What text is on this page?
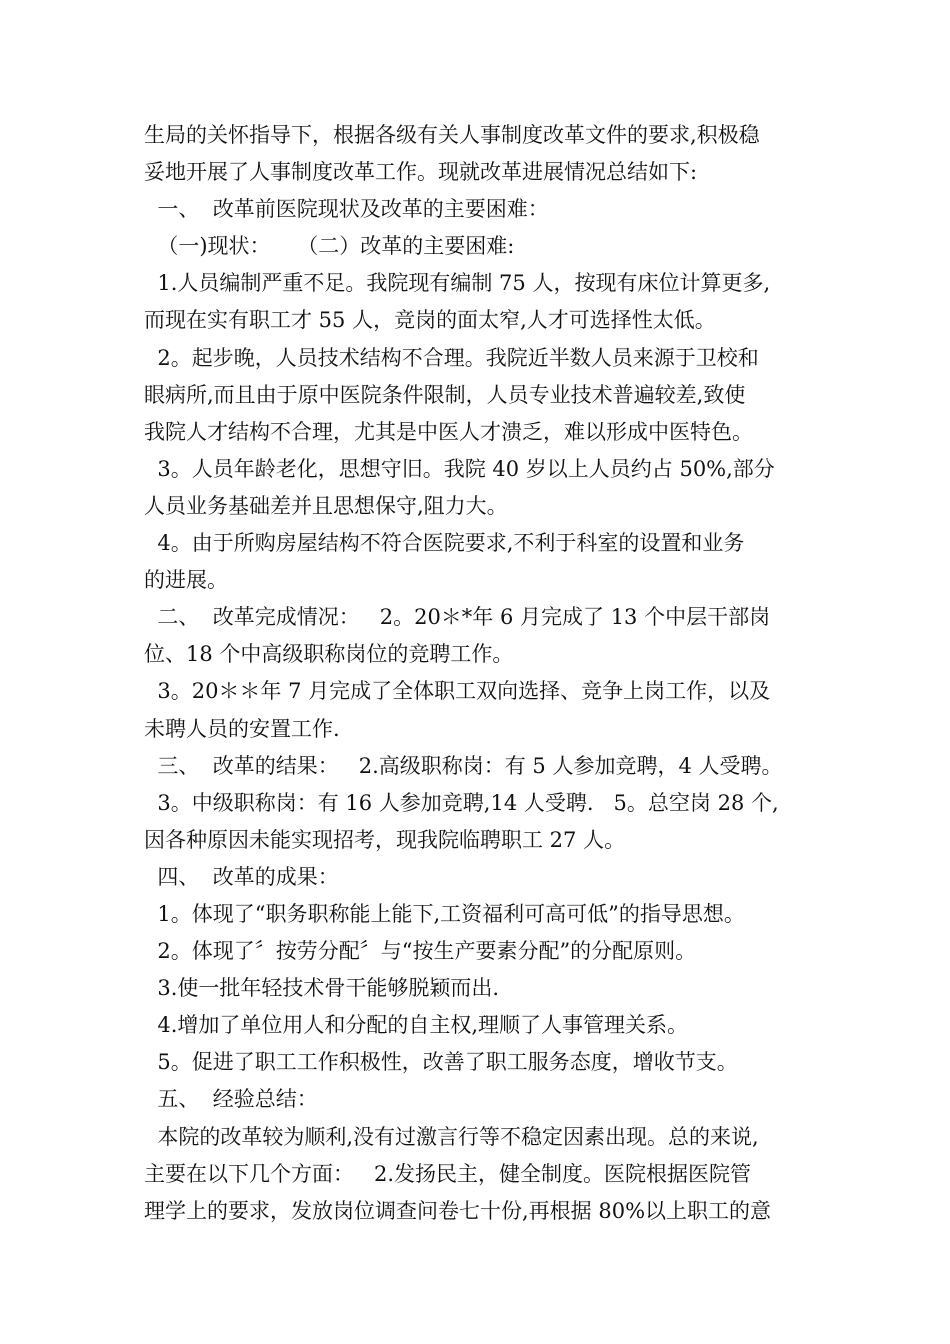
生局的关怀指导下，根据各级有关人事制度改革文件的要求,积极稳
妥地开展了人事制度改革工作。现就改革进展情况总结如下:
一、  改革前医院现状及改革的主要困难：
（一)现状：    （二）改革的主要困难:
1.人员编制严重不足。我院现有编制 75 人，按现有床位计算更多,
而现在实有职工才 55 人，竞岗的面太窄,人才可选择性太低。
2。起步晚，人员技术结构不合理。我院近半数人员来源于卫校和
眼病所,而且由于原中医院条件限制，人员专业技术普遍较差,致使
我院人才结构不合理，尤其是中医人才溃乏，难以形成中医特色。
3。人员年龄老化，思想守旧。我院 40 岁以上人员约占 50%,部分
人员业务基础差并且思想保守,阻力大。
4。由于所购房屋结构不符合医院要求,不利于科室的设置和业务
的进展。
二、  改革完成情况：   2。20＊*年 6 月完成了 13 个中层干部岗
位、18 个中高级职称岗位的竞聘工作。
3。20＊＊年 7 月完成了全体职工双向选择、竞争上岗工作，以及
未聘人员的安置工作.
三、  改革的结果：   2.高级职称岗：有 5 人参加竞聘，4 人受聘。
3。中级职称岗：有 16 人参加竞聘,14 人受聘.   5。总空岗 28 个,
因各种原因未能实现招考，现我院临聘职工 27 人。
四、  改革的成果：
1。体现了“职务职称能上能下,工资福利可高可低”的指导思想。
2。体现了〞按劳分配〞与“按生产要素分配”的分配原则。
3.使一批年轻技术骨干能够脱颖而出.
4.增加了单位用人和分配的自主权,理顺了人事管理关系。
5。促进了职工工作积极性，改善了职工服务态度，增收节支。
五、  经验总结：
本院的改革较为顺利,没有过激言行等不稳定因素出现。总的来说,
主要在以下几个方面：   2.发扬民主，健全制度。医院根据医院管
理学上的要求，发放岗位调查问卷七十份,再根据 80%以上职工的意
